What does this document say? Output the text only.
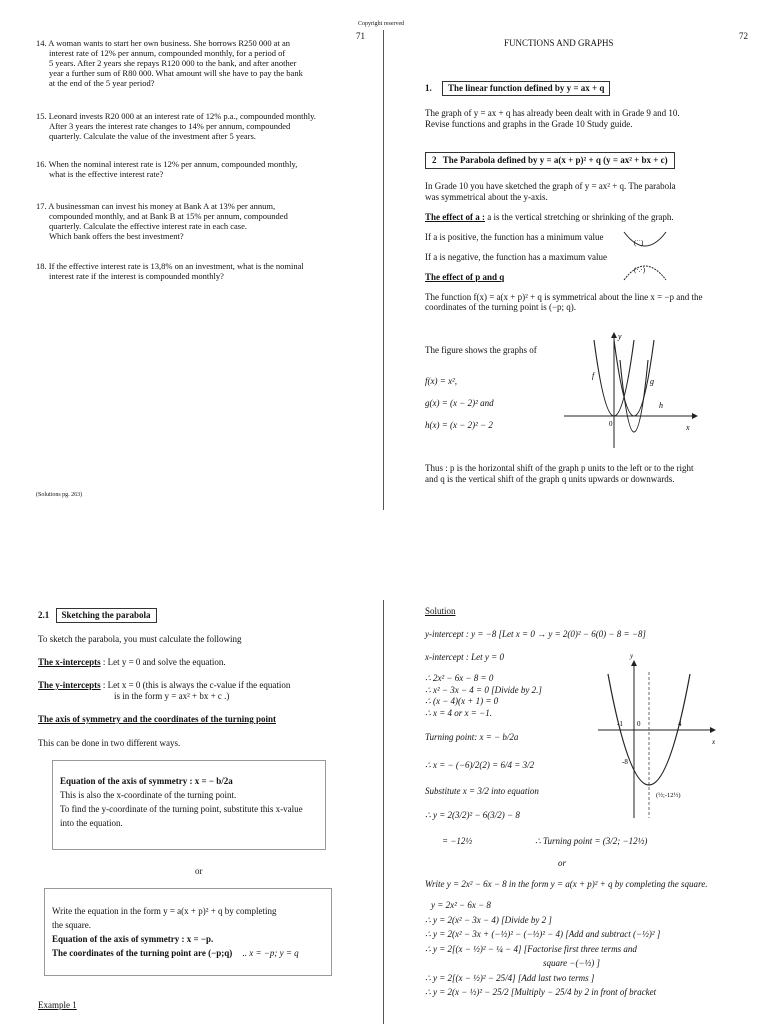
Copyright reserved
71	72
14. A woman wants to start her own business. She borrows R250 000 at an
interest rate of 12% per annum, compounded monthly, for a period of
5 years. After 2 years she repays R120 000 to the bank, and after another
year a further sum of R80 000. What amount will she have to pay the bank
at the end of the 5 year period?
15. Leonard invests R20 000 at an interest rate of 12% p.a., compounded monthly.
After 3 years the interest rate changes to 14% per annum, compounded
quarterly. Calculate the value of the investment after 5 years.
16. When the nominal interest rate is 12% per annum, compounded monthly,
what is the effective interest rate?
17. A businessman can invest his money at Bank A at 13% per annum,
compounded monthly, and at Bank B at 15% per annum, compounded
quarterly. Calculate the effective interest rate in each case.
Which bank offers the best investment?
18. If the effective interest rate is 13,8% on an investment, what is the nominal
interest rate if the interest is compounded monthly?
(Solutions pg. 263)
FUNCTIONS AND GRAPHS
1. The linear function defined by y = ax + q
The graph of y = ax + q has already been dealt with in Grade 9 and 10.
Revise functions and graphs in the Grade 10 Study guide.
2 The Parabola defined by y = a(x + p)² + q (y = ax² + bx + c)
In Grade 10 you have sketched the graph of y = ax² + q. The parabola
was symmetrical about the y-axis.
The effect of a : a is the vertical stretching or shrinking of the graph.
If a is positive, the function has a minimum value
If a is negative, the function has a maximum value
The effect of p and q
The function f(x) = a(x + p)² + q is symmetrical about the line x = −p and the
coordinates of the turning point is (−p; q).
(˙˙)
(·.·)
The figure shows the graphs of
f(x) = x²,
g(x) = (x − 2)² and
h(x) = (x − 2)² − 2
f
g
h
x
y
0
Thus : p is the horizontal shift of the graph p units to the left or to the right
and q is the vertical shift of the graph q units upwards or downwards.
2.1 Sketching the parabola
To sketch the parabola, you must calculate the following
The x-intercepts : Let y = 0 and solve the equation.
The y-intercepts : Let x = 0 (this is always the c-value if the equation
is in the form y = ax² + bx + c .)
The axis of symmetry and the coordinates of the turning point
This can be done in two different ways.
Equation of the axis of symmetry : x = − b/2a
This is also the x-coordinate of the turning point.
To find the y-coordinate of the turning point, substitute this x-value
into the equation.
or
Write the equation in the form y = a(x + p)² + q by completing
the square.
Equation of the axis of symmetry : x = −p.
The coordinates of the turning point are (−p;q) .. x = −p; y = q
Example 1
Solution
y-intercept : y = −8 [Let x = 0 → y = 2(0)² − 6(0) − 8 = −8]
x-intercept : Let y = 0
∴ 2x² − 6x − 8 = 0
∴ x² − 3x − 4 = 0 [Divide by 2.]
∴ (x − 4)(x + 1) = 0
∴ x = 4 or x = −1.
Turning point: x = − b/2a
∴ x = − (−6)/2(2) = 6/4 = 3/2
Substitute x = 3/2 into equation
∴ y = 2(3/2)² − 6(3/2) − 8
= −12½	∴ Turning point = (3/2; −12½)
or
Write y = 2x² − 6x − 8 in the form y = a(x + p)² + q by completing the square.
y = 2x² − 6x − 8
∴ y = 2(x² − 3x − 4) [Divide by 2 ]
∴ y = 2(x² − 3x + (−½)² − (−½)² − 4) [Add and subtract (−½)² ]
∴ y = 2[(x − ½)² − ¼ − 4] [Factorise first three terms and
square −(−½) ]
∴ y = 2[(x − ½)² − 25/4] [Add last two terms ]
∴ y = 2(x − ½)² − 25/2 [Multiply − 25/4 by 2 in front of bracket
-1 0	4
-8
x
y
(½;-12½)
